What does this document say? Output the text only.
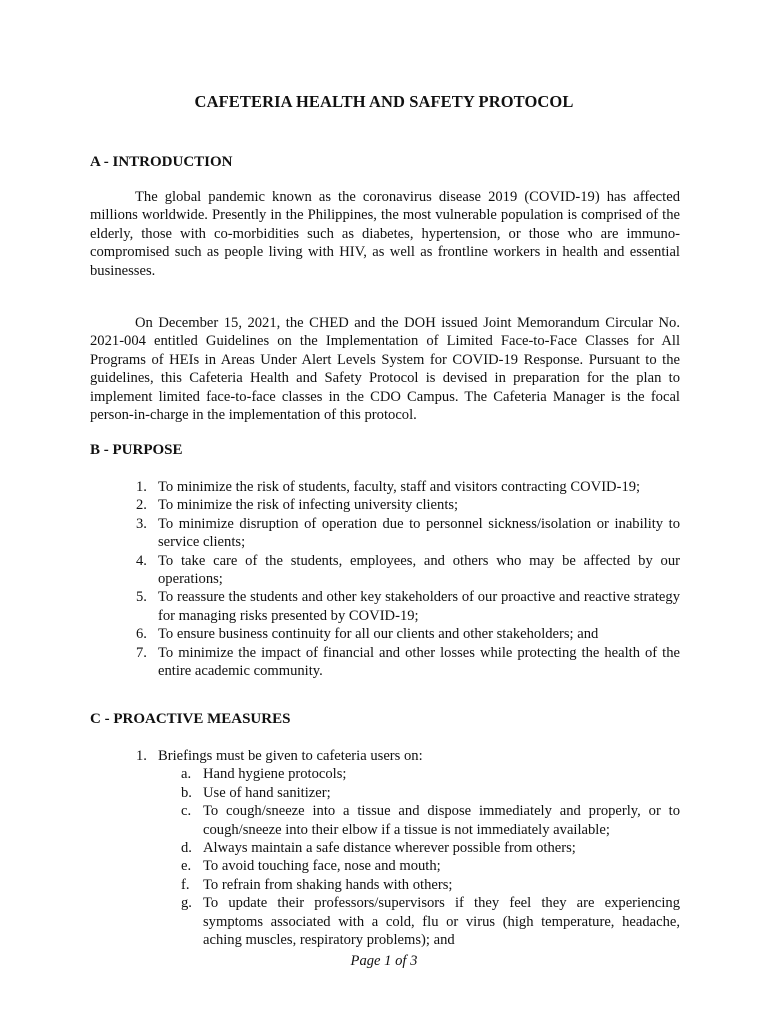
CAFETERIA HEALTH AND SAFETY PROTOCOL
A - INTRODUCTION

The global pandemic known as the coronavirus disease 2019 (COVID-19) has affected millions worldwide. Presently in the Philippines, the most vulnerable population is comprised of the elderly, those with co-morbidities such as diabetes, hypertension, or those who are immuno-compromised such as people living with HIV, as well as frontline workers in health and essential businesses.

On December 15, 2021, the CHED and the DOH issued Joint Memorandum Circular No. 2021-004 entitled Guidelines on the Implementation of Limited Face-to-Face Classes for All Programs of HEIs in Areas Under Alert Levels System for COVID-19 Response. Pursuant to the guidelines, this Cafeteria Health and Safety Protocol is devised in preparation for the plan to implement limited face-to-face classes in the CDO Campus. The Cafeteria Manager is the focal person-in-charge in the implementation of this protocol.

B - PURPOSE
1. To minimize the risk of students, faculty, staff and visitors contracting COVID-19;
2. To minimize the risk of infecting university clients;
3. To minimize disruption of operation due to personnel sickness/isolation or inability to service clients;
4. To take care of the students, employees, and others who may be affected by our operations;
5. To reassure the students and other key stakeholders of our proactive and reactive strategy for managing risks presented by COVID-19;
6. To ensure business continuity for all our clients and other stakeholders; and
7. To minimize the impact of financial and other losses while protecting the health of the entire academic community.
C - PROACTIVE MEASURES
1. Briefings must be given to cafeteria users on:
a. Hand hygiene protocols;
b. Use of hand sanitizer;
c. To cough/sneeze into a tissue and dispose immediately and properly, or to cough/sneeze into their elbow if a tissue is not immediately available;
d. Always maintain a safe distance wherever possible from others;
e. To avoid touching face, nose and mouth;
f. To refrain from shaking hands with others;
g. To update their professors/supervisors if they feel they are experiencing symptoms associated with a cold, flu or virus (high temperature, headache, aching muscles, respiratory problems); and
Page 1 of 3
